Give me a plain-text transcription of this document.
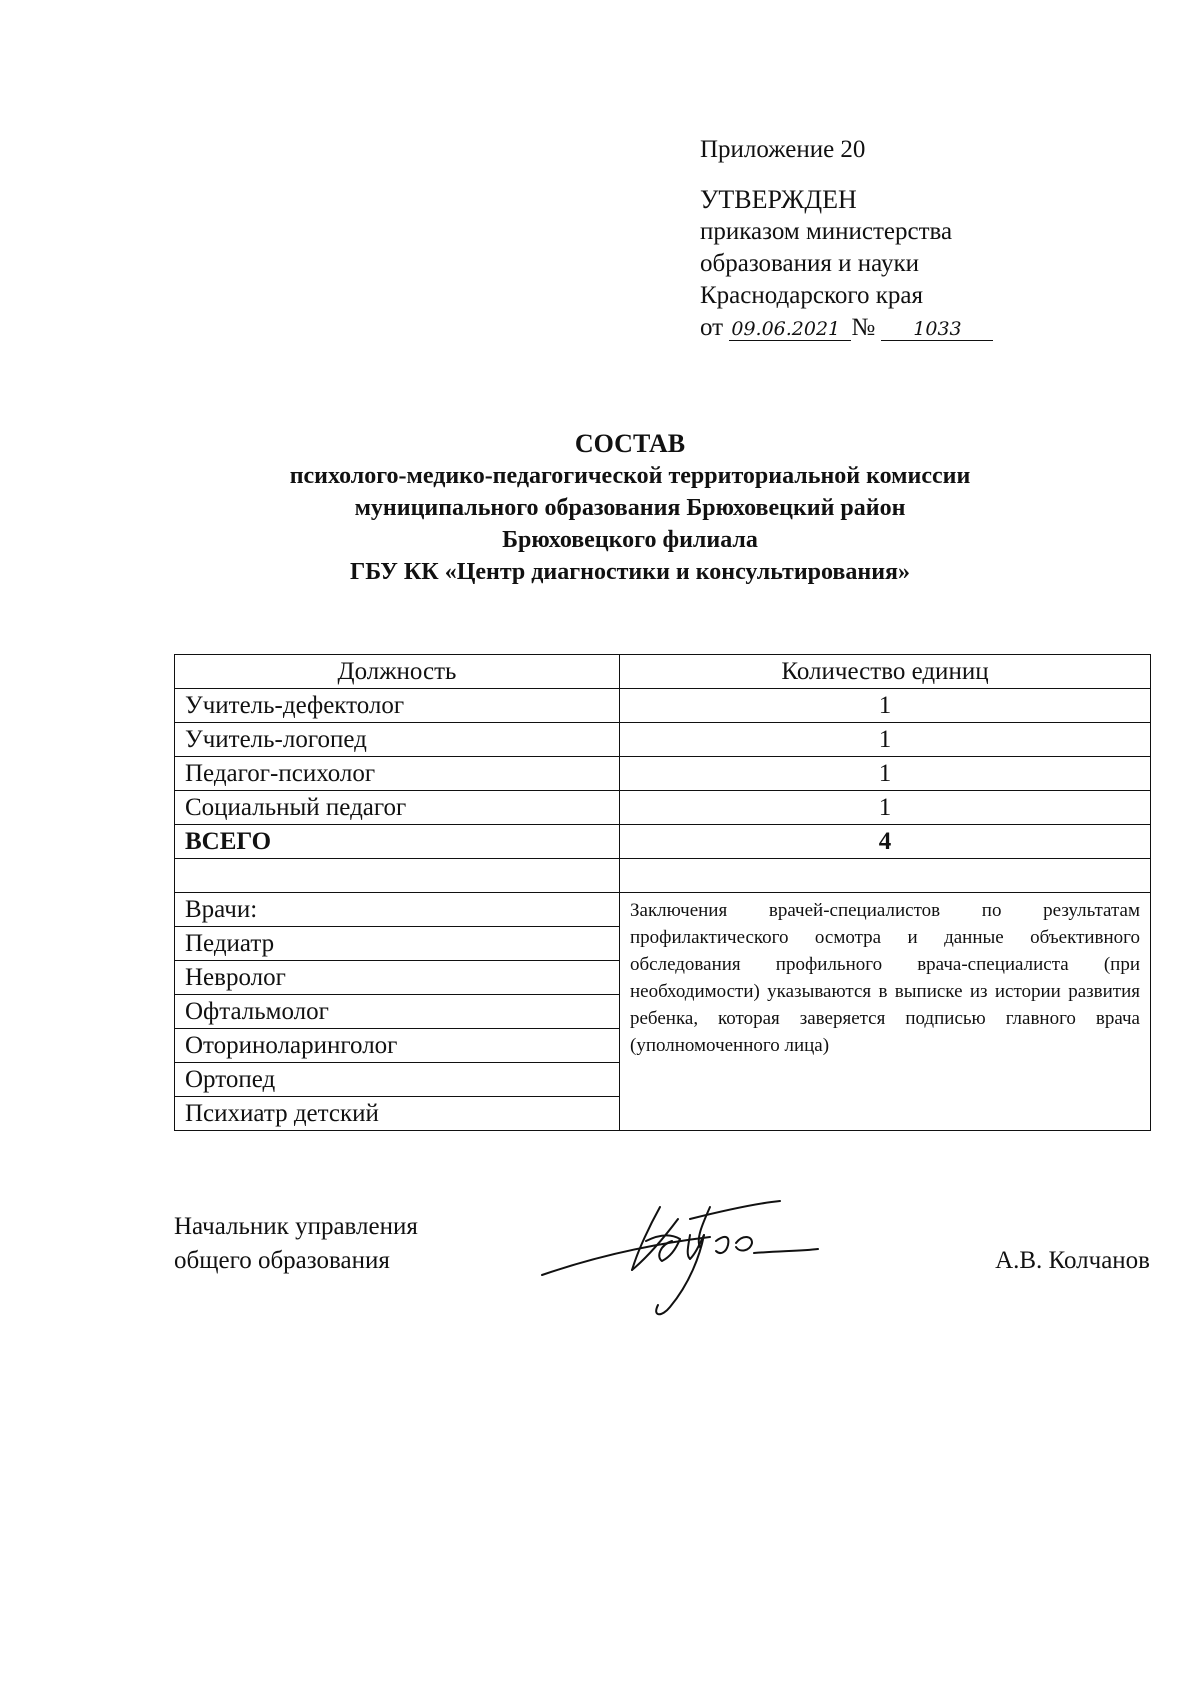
Приложение 20
УТВЕРЖДЕН
приказом министерства
образования и науки
Краснодарского края
от 09.06.2021 № 1033
СОСТАВ
психолого-медико-педагогической территориальной комиссии
муниципального образования Брюховецкий район
Брюховецкого филиала
ГБУ КК «Центр диагностики и консультирования»
Должность	Количество единиц
Учитель-дефектолог	1
Учитель-логопед	1
Педагог-психолог	1
Социальный педагог	1
ВСЕГО	4

Врачи:	Заключения врачей-специалистов по результатам профилактического осмотра и данные объективного обследования профильного врача-специалиста (при необходимости) указываются в выписке из истории развития ребенка, которая заверяется подписью главного врача (уполномоченного лица)
Педиатр	
Невролог	
Офтальмолог	
Оториноларинголог	
Ортопед	
Психиатр детский	
Начальник управления
общего образования	А.В. Колчанов
